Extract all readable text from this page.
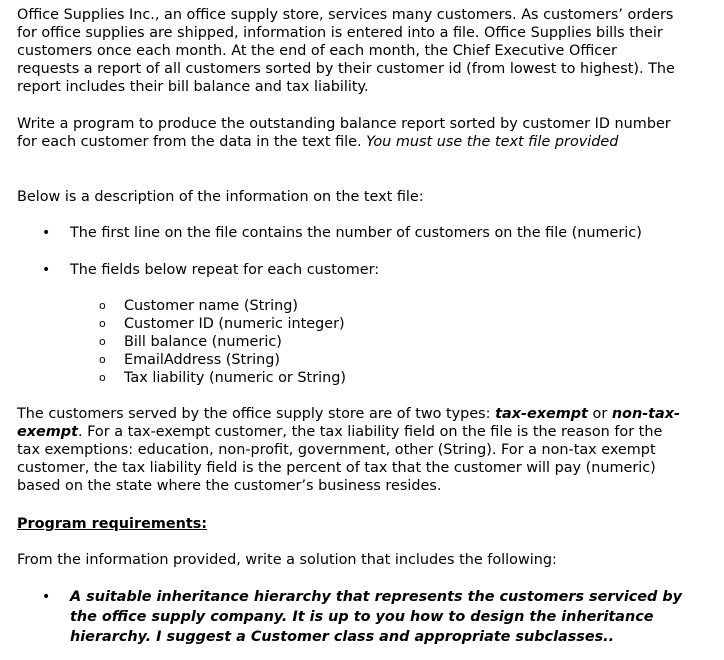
Office Supplies Inc., an office supply store, services many customers. As customers’ orders
for office supplies are shipped, information is entered into a file. Office Supplies bills their
customers once each month. At the end of each month, the Chief Executive Officer
requests a report of all customers sorted by their customer id (from lowest to highest). The
report includes their bill balance and tax liability.
Write a program to produce the outstanding balance report sorted by customer ID number
for each customer from the data in the text file. You must use the text file provided
Below is a description of the information on the text file:
• The first line on the file contains the number of customers on the file (numeric)
• The fields below repeat for each customer:
o Customer name (String)
o Customer ID (numeric integer)
o Bill balance (numeric)
o EmailAddress (String)
o Tax liability (numeric or String)
The customers served by the office supply store are of two types: tax-exempt or non-tax-
exempt. For a tax-exempt customer, the tax liability field on the file is the reason for the
tax exemptions: education, non-profit, government, other (String). For a non-tax exempt
customer, the tax liability field is the percent of tax that the customer will pay (numeric)
based on the state where the customer’s business resides.
Program requirements:
From the information provided, write a solution that includes the following:
• A suitable inheritance hierarchy that represents the customers serviced by
the office supply company. It is up to you how to design the inheritance
hierarchy. I suggest a Customer class and appropriate subclasses..
